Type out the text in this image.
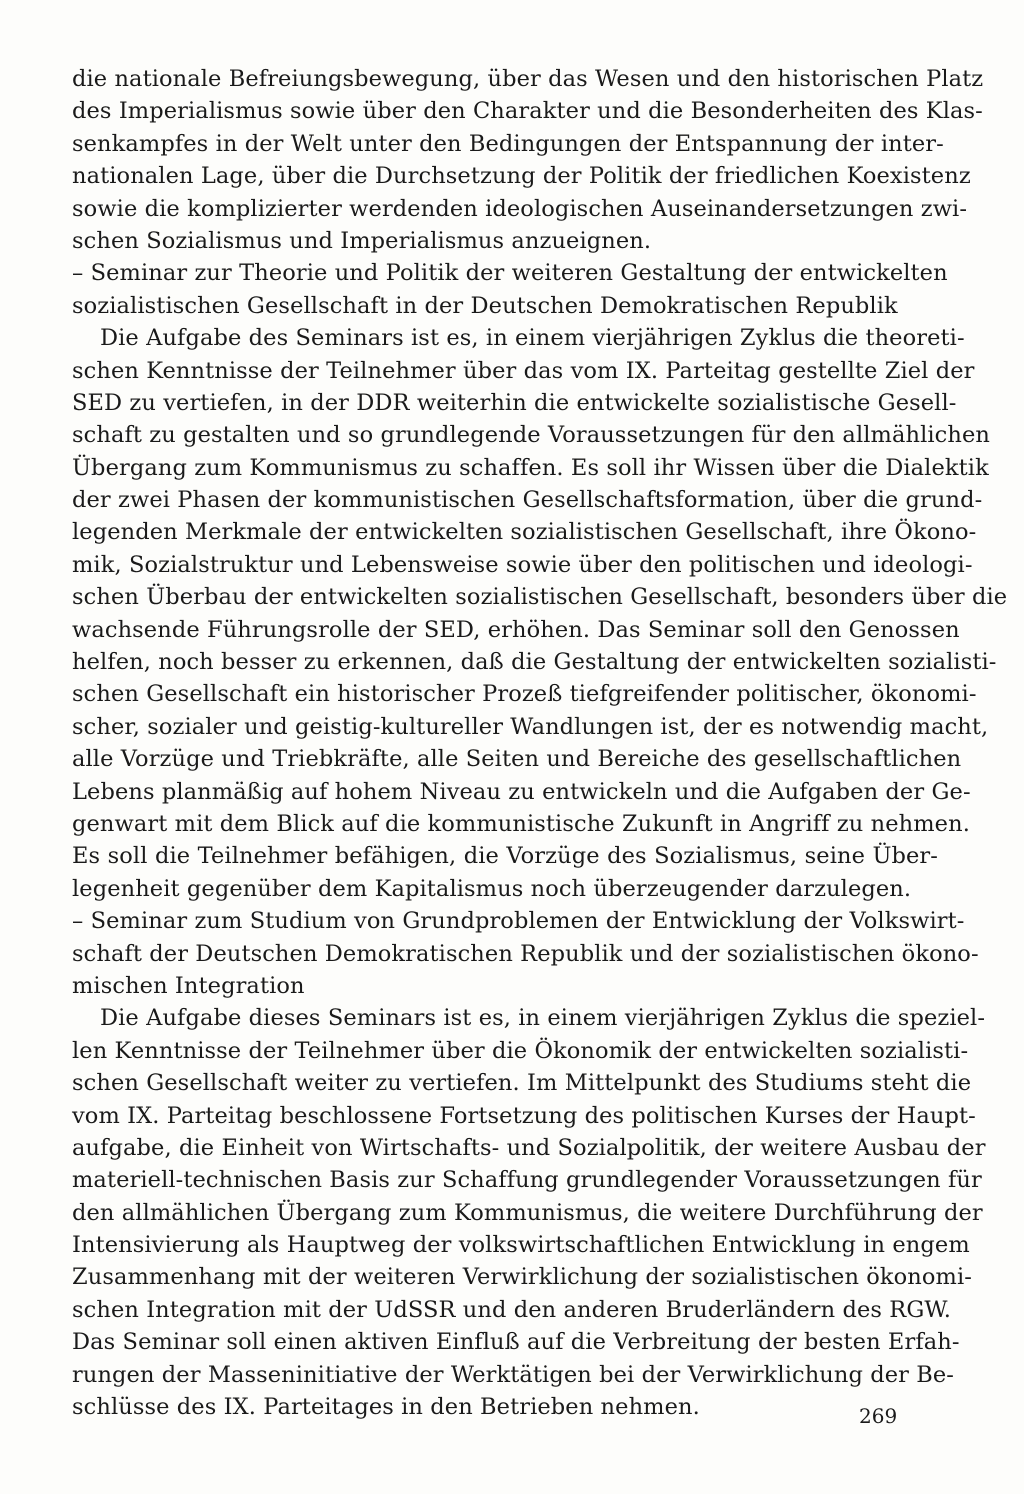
die nationale Befreiungsbewegung, über das Wesen und den historischen Platz
des Imperialismus sowie über den Charakter und die Besonderheiten des Klas-
senkampfes in der Welt unter den Bedingungen der Entspannung der inter-
nationalen Lage, über die Durchsetzung der Politik der friedlichen Koexistenz
sowie die komplizierter werdenden ideologischen Auseinandersetzungen zwi-
schen Sozialismus und Imperialismus anzueignen.
– Seminar zur Theorie und Politik der weiteren Gestaltung der entwickelten
sozialistischen Gesellschaft in der Deutschen Demokratischen Republik
Die Aufgabe des Seminars ist es, in einem vierjährigen Zyklus die theoreti-
schen Kenntnisse der Teilnehmer über das vom IX. Parteitag gestellte Ziel der
SED zu vertiefen, in der DDR weiterhin die entwickelte sozialistische Gesell-
schaft zu gestalten und so grundlegende Voraussetzungen für den allmählichen
Übergang zum Kommunismus zu schaffen. Es soll ihr Wissen über die Dialektik
der zwei Phasen der kommunistischen Gesellschaftsformation, über die grund-
legenden Merkmale der entwickelten sozialistischen Gesellschaft, ihre Ökono-
mik, Sozialstruktur und Lebensweise sowie über den politischen und ideologi-
schen Überbau der entwickelten sozialistischen Gesellschaft, besonders über die
wachsende Führungsrolle der SED, erhöhen. Das Seminar soll den Genossen
helfen, noch besser zu erkennen, daß die Gestaltung der entwickelten sozialisti-
schen Gesellschaft ein historischer Prozeß tiefgreifender politischer, ökonomi-
scher, sozialer und geistig-kultureller Wandlungen ist, der es notwendig macht,
alle Vorzüge und Triebkräfte, alle Seiten und Bereiche des gesellschaftlichen
Lebens planmäßig auf hohem Niveau zu entwickeln und die Aufgaben der Ge-
genwart mit dem Blick auf die kommunistische Zukunft in Angriff zu nehmen.
Es soll die Teilnehmer befähigen, die Vorzüge des Sozialismus, seine Über-
legenheit gegenüber dem Kapitalismus noch überzeugender darzulegen.
– Seminar zum Studium von Grundproblemen der Entwicklung der Volkswirt-
schaft der Deutschen Demokratischen Republik und der sozialistischen ökono-
mischen Integration
Die Aufgabe dieses Seminars ist es, in einem vierjährigen Zyklus die speziel-
len Kenntnisse der Teilnehmer über die Ökonomik der entwickelten sozialisti-
schen Gesellschaft weiter zu vertiefen. Im Mittelpunkt des Studiums steht die
vom IX. Parteitag beschlossene Fortsetzung des politischen Kurses der Haupt-
aufgabe, die Einheit von Wirtschafts- und Sozialpolitik, der weitere Ausbau der
materiell-technischen Basis zur Schaffung grundlegender Voraussetzungen für
den allmählichen Übergang zum Kommunismus, die weitere Durchführung der
Intensivierung als Hauptweg der volkswirtschaftlichen Entwicklung in engem
Zusammenhang mit der weiteren Verwirklichung der sozialistischen ökonomi-
schen Integration mit der UdSSR und den anderen Bruderländern des RGW.
Das Seminar soll einen aktiven Einfluß auf die Verbreitung der besten Erfah-
rungen der Masseninitiative der Werktätigen bei der Verwirklichung der Be-
schlüsse des IX. Parteitages in den Betrieben nehmen.	269
